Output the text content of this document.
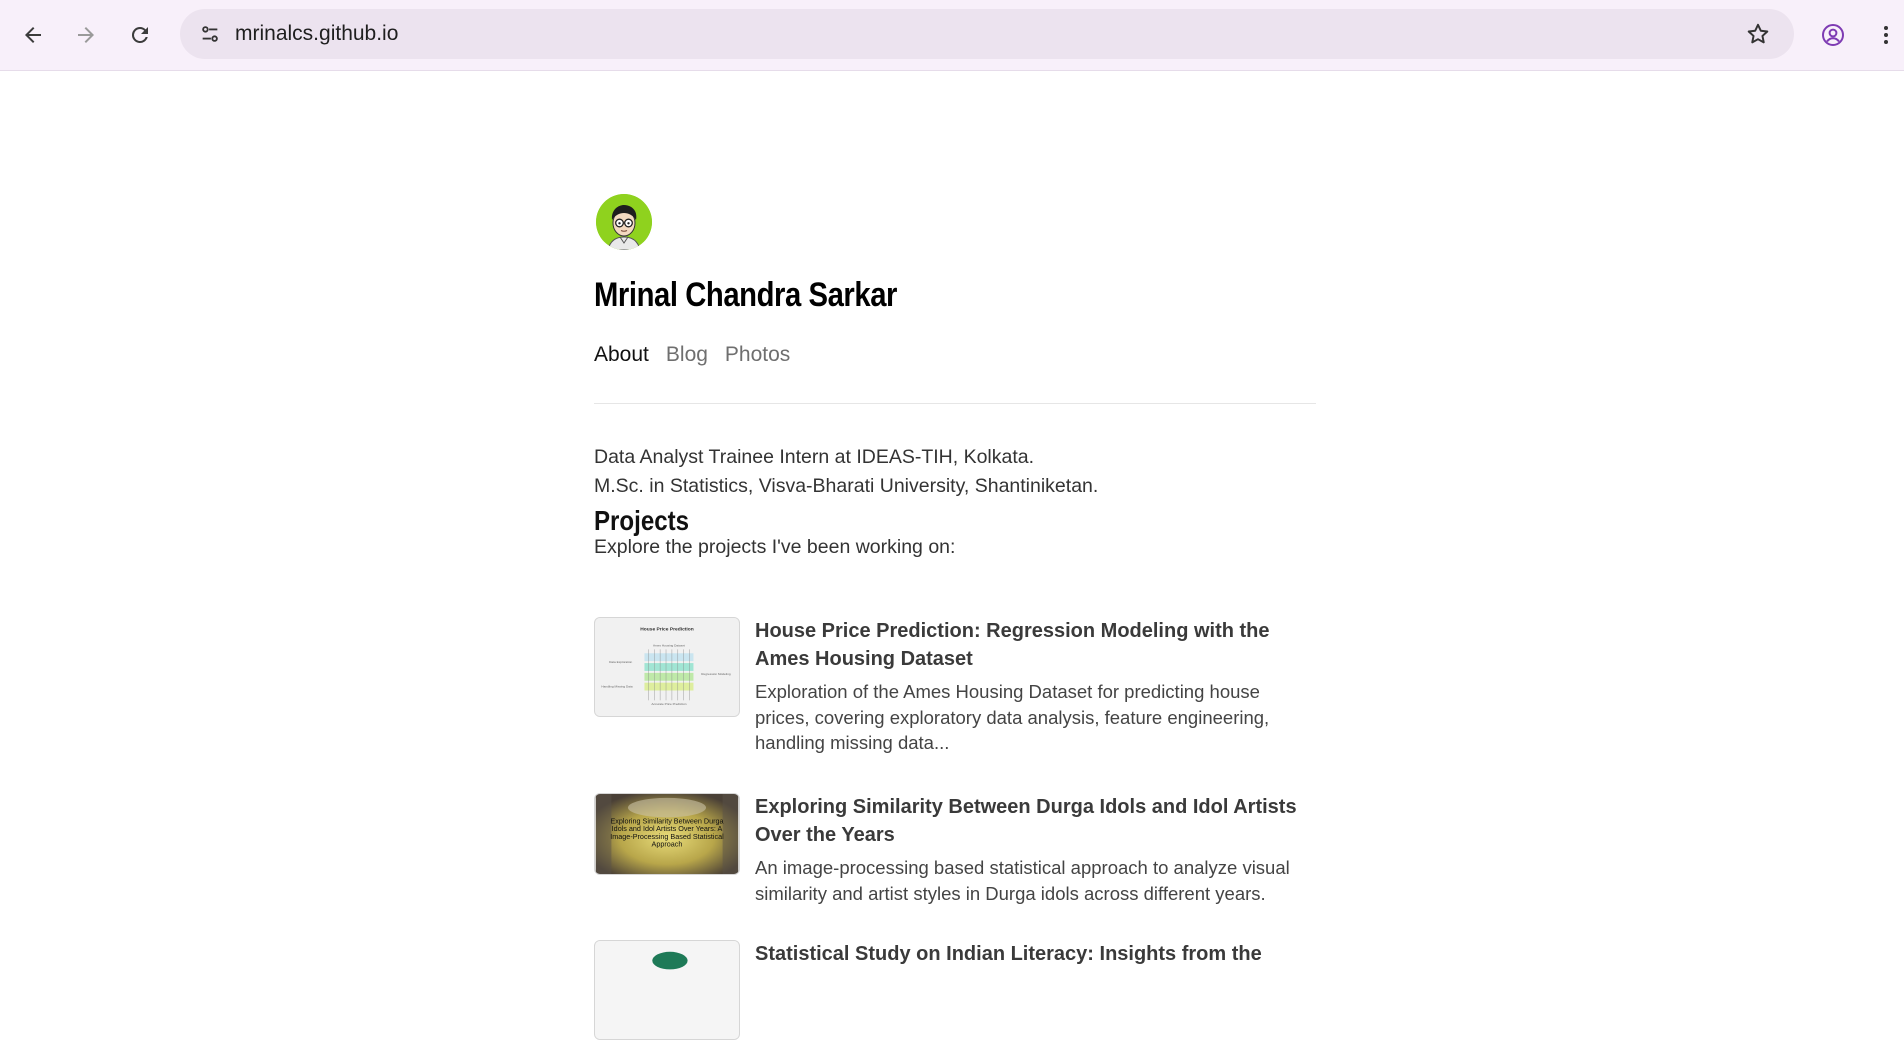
mrinalcs.github.io
Mrinal Chandra Sarkar
About Blog Photos

Data Analyst Trainee Intern at IDEAS-TIH, Kolkata.

M.Sc. in Statistics, Visva-Bharati University, Shantiniketan.

Projects
Explore the projects I've been working on:
House Price Prediction
Ames Housing Dataset
Data Exploration
Regression Modeling
Handling Missing Data
Accurate Price Prediction
House Price Prediction: Regression Modeling with the Ames Housing Dataset

Exploration of the Ames Housing Dataset for predicting house prices, covering exploratory data analysis, feature engineering, handling missing data...

Exploring Similarity Between Durga Idols and Idol Artists Over Years: A Image-Processing Based Statistical Approach
Exploring Similarity Between Durga Idols and Idol Artists Over the Years

An image-processing based statistical approach to analyze visual similarity and artist styles in Durga idols across different years.

Statistical Study on Indian Literacy: Insights from the
